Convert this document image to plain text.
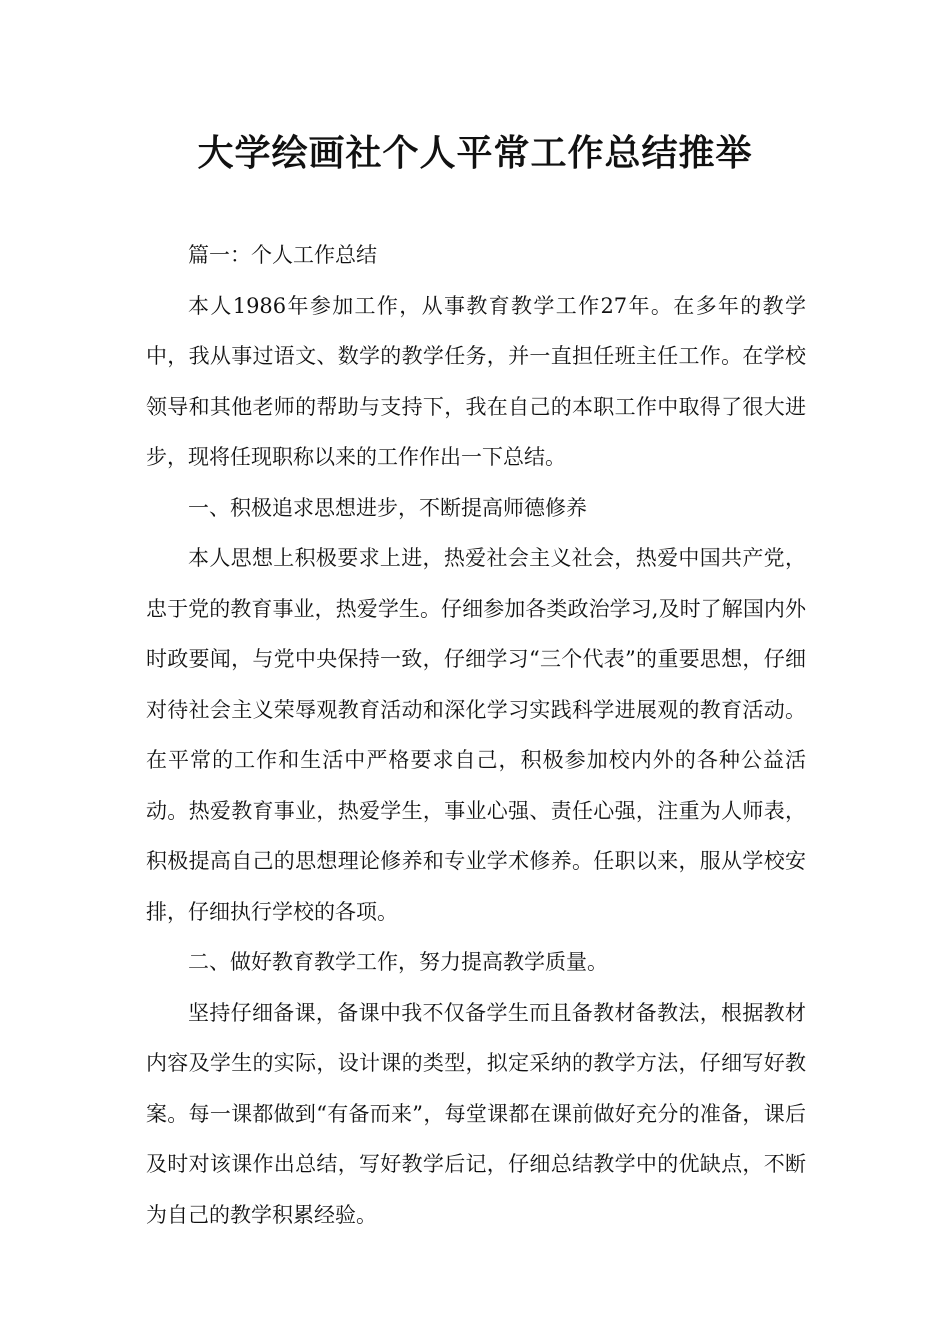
大学绘画社个人平常工作总结推举

篇一：个人工作总结

本人1986年参加工作，从事教育教学工作27年。在多年的教学中，我从事过语文、数学的教学任务，并一直担任班主任工作。在学校领导和其他老师的帮助与支持下，我在自己的本职工作中取得了很大进步，现将任现职称以来的工作作出一下总结。

一、积极追求思想进步，不断提高师德修养

本人思想上积极要求上进，热爱社会主义社会，热爱中国共产党，忠于党的教育事业，热爱学生。仔细参加各类政治学习,及时了解国内外时政要闻，与党中央保持一致，仔细学习“三个代表”的重要思想，仔细对待社会主义荣辱观教育活动和深化学习实践科学进展观的教育活动。在平常的工作和生活中严格要求自己，积极参加校内外的各种公益活动。热爱教育事业，热爱学生，事业心强、责任心强，注重为人师表，积极提高自己的思想理论修养和专业学术修养。任职以来，服从学校安排，仔细执行学校的各项。

二、做好教育教学工作，努力提高教学质量。

坚持仔细备课，备课中我不仅备学生而且备教材备教法，根据教材内容及学生的实际，设计课的类型，拟定采纳的教学方法，仔细写好教案。每一课都做到“有备而来”，每堂课都在课前做好充分的准备，课后及时对该课作出总结，写好教学后记，仔细总结教学中的优缺点，不断为自己的教学积累经验。
